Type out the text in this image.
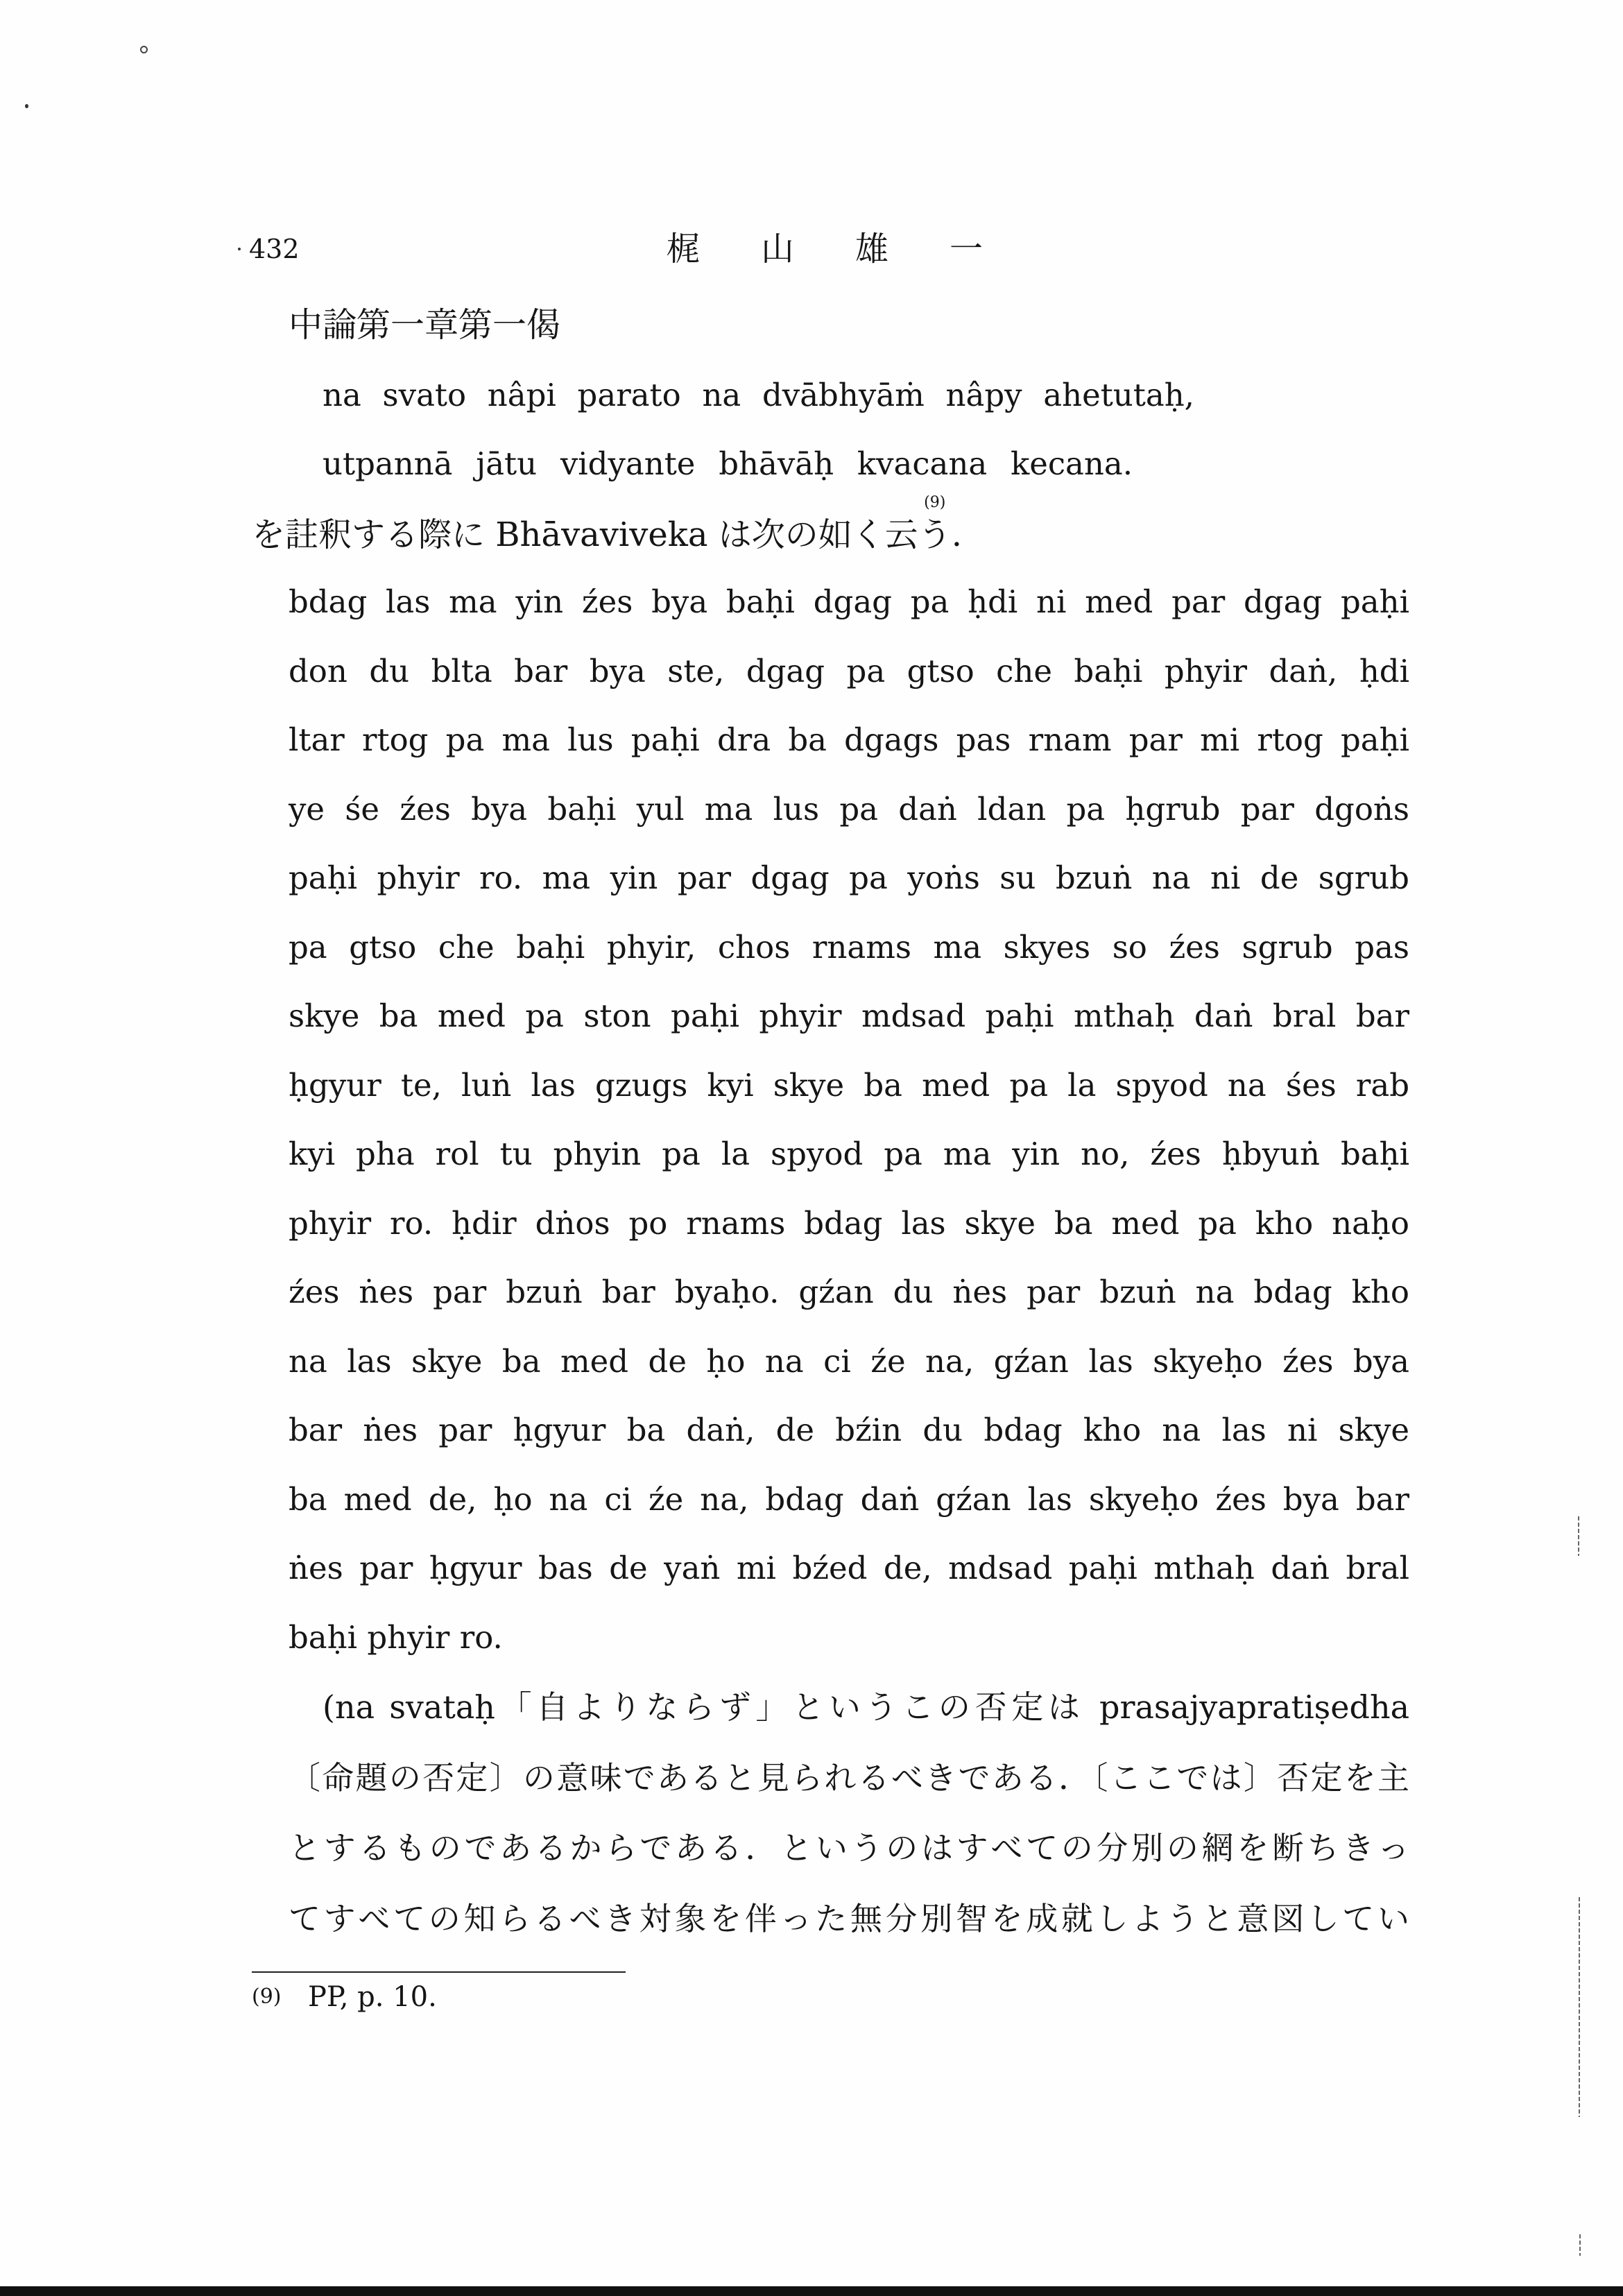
432	梶山雄一
中論第一章第一偈
na svato nâpi parato na dvābhyāṁ nâpy ahetutaḥ,
utpannā jātu vidyante bhāvāḥ kvacana kecana.
を註釈する際に Bhāvaviveka は次の如く云
(9)
う.
bdag las ma yin źes bya baḥi dgag pa ḥdi ni med par dgag paḥi
don du blta bar bya ste, dgag pa gtso che baḥi phyir daṅ, ḥdi
ltar rtog pa ma lus paḥi dra ba dgags pas rnam par mi rtog paḥi
ye śe źes bya baḥi yul ma lus pa daṅ ldan pa ḥgrub par dgoṅs
paḥi phyir ro. ma yin par dgag pa yoṅs su bzuṅ na ni de sgrub
pa gtso che baḥi phyir, chos rnams ma skyes so źes sgrub pas
skye ba med pa ston paḥi phyir mdsad paḥi mthaḥ daṅ bral bar
ḥgyur te, luṅ las gzugs kyi skye ba med pa la spyod na śes rab
kyi pha rol tu phyin pa la spyod pa ma yin no, źes ḥbyuṅ baḥi
phyir ro. ḥdir dṅos po rnams bdag las skye ba med pa kho naḥo
źes ṅes par bzuṅ bar byaḥo. gźan du ṅes par bzuṅ na bdag kho
na las skye ba med de ḥo na ci źe na, gźan las skyeḥo źes bya
bar ṅes par ḥgyur ba daṅ, de bźin du bdag kho na las ni skye
ba med de, ḥo na ci źe na, bdag daṅ gźan las skyeḥo źes bya bar
ṅes par ḥgyur bas de yaṅ mi bźed de, mdsad paḥi mthaḥ daṅ bral
baḥi phyir ro.
(na svataḥ「自よりならず」というこの否定は prasajyapratiṣedha
〔命題の否定〕の意味であると見られるべきである．〔ここでは〕否定を主
とするものであるからである．というのはすべての分別の網を断ちきっ
てすべての知らるべき対象を伴った無分別智を成就しようと意図してい
(9) PP, p. 10.
